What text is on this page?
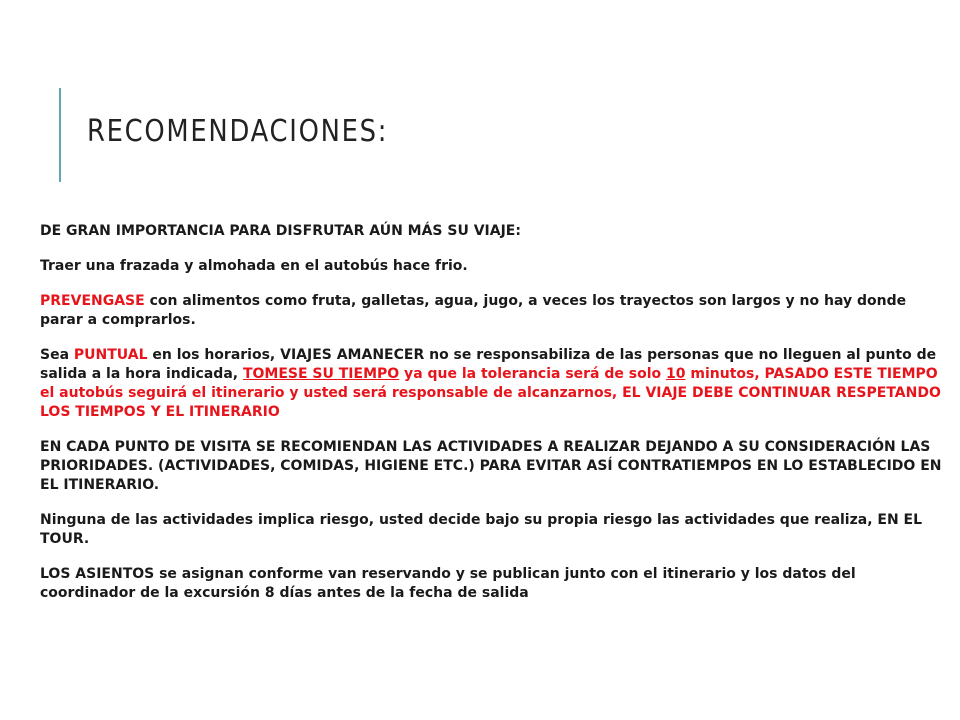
RECOMENDACIONES:

DE GRAN IMPORTANCIA PARA DISFRUTAR AÚN MÁS SU VIAJE:

Traer una frazada y almohada en el autobús hace frio.

PREVENGASE con alimentos como fruta, galletas, agua, jugo, a veces los trayectos son largos y no hay donde parar a comprarlos.

Sea PUNTUAL en los horarios, VIAJES AMANECER no se responsabiliza de las personas que no lleguen al punto de salida a la hora indicada, TOMESE SU TIEMPO ya que la tolerancia será de solo 10 minutos, PASADO ESTE TIEMPO el autobús seguirá el itinerario y usted será responsable de alcanzarnos, EL VIAJE DEBE CONTINUAR RESPETANDO LOS TIEMPOS Y EL ITINERARIO

EN CADA PUNTO DE VISITA SE RECOMIENDAN LAS ACTIVIDADES A REALIZAR DEJANDO A SU CONSIDERACIÓN LAS PRIORIDADES. (ACTIVIDADES, COMIDAS, HIGIENE ETC.) PARA EVITAR ASÍ CONTRATIEMPOS EN LO ESTABLECIDO EN EL ITINERARIO.

Ninguna de las actividades implica riesgo, usted decide bajo su propia riesgo las actividades que realiza, EN EL TOUR.

LOS ASIENTOS se asignan conforme van reservando y se publican junto con el itinerario y los datos del coordinador de la excursión 8 días antes de la fecha de salida
